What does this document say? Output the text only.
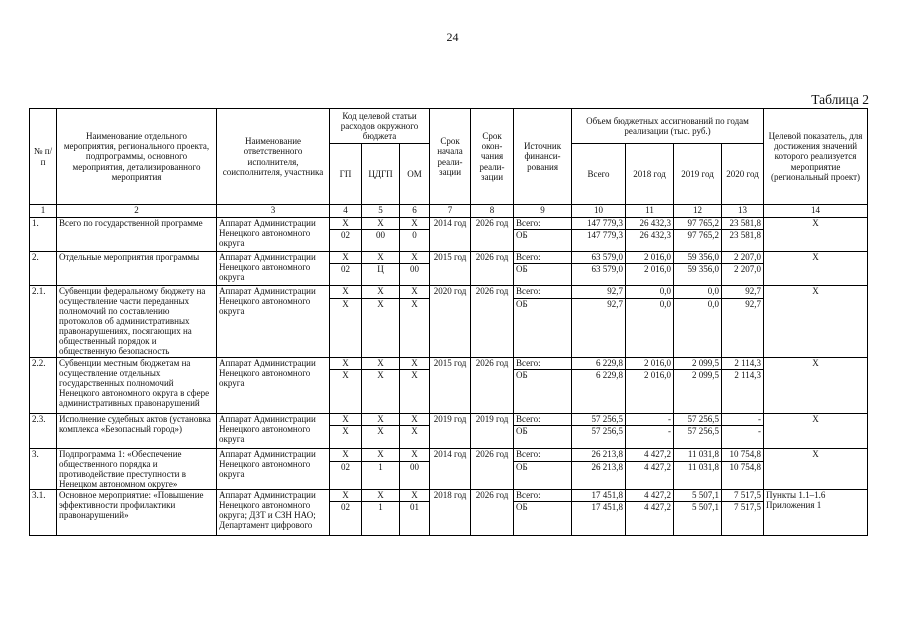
24
Таблица 2
№ п/п	Наименование отдельного мероприятия, регионального проекта, подпрограммы, основного мероприятия, детализированного мероприятия	Наименование ответственного исполнителя, соисполнителя, участника	Код целевой статьи расходов окружного бюджета			Срок начала реали-зации	Срок окон-чания реали-зации	Источник финанси-рования	Объем бюджетных ассигнований по годам реализации (тыс. руб.)				Целевой показатель, для достижения значений которого реализуется мероприятие (региональный проект)
			ГП	ЦДГП	ОМ				Всего	2018 год	2019 год	2020 год	
1	2	3	4	5	6	7	8	9	10	11	12	13	14
1.	Всего по государственной программе	Аппарат Администрации Ненецкого автономного округа	Х	Х	Х	2014 год	2026 год	Всего:	147 779,3	26 432,3	97 765,2	23 581,8	Х
			02	00	0			ОБ	147 779,3	26 432,3	97 765,2	23 581,8	
2.	Отдельные мероприятия программы	Аппарат Администрации Ненецкого автономного округа	Х	Х	Х	2015 год	2026 год	Всего:	63 579,0	2 016,0	59 356,0	2 207,0	Х
			02	Ц	00			ОБ	63 579,0	2 016,0	59 356,0	2 207,0	
2.1.	Субвенции федеральному бюджету на осуществление части переданных полномочий по составлению протоколов об административных правонарушениях, посягающих на общественный порядок и общественную безопасность	Аппарат Администрации Ненецкого автономного округа	Х	Х	Х	2020 год	2026 год	Всего:	92,7	0,0	0,0	92,7	Х
			Х	Х	Х			ОБ	92,7	0,0	0,0	92,7	
2.2.	Субвенции местным бюджетам на осуществление отдельных государственных полномочий Ненецкого автономного округа в сфере административных правонарушений	Аппарат Администрации Ненецкого автономного округа	Х	Х	Х	2015 год	2026 год	Всего:	6 229,8	2 016,0	2 099,5	2 114,3	Х
			Х	Х	Х			ОБ	6 229,8	2 016,0	2 099,5	2 114,3	
2.3.	Исполнение судебных актов (установка комплекса «Безопасный город»)	Аппарат Администрации Ненецкого автономного округа	Х	Х	Х	2019 год	2019 год	Всего:	57 256,5	-	57 256,5	-	Х
			Х	Х	Х			ОБ	57 256,5	-	57 256,5	-	
3.	Подпрограмма 1: «Обеспечение общественного порядка и противодействие преступности в Ненецком автономном округе»	Аппарат Администрации Ненецкого автономного округа	Х	Х	Х	2014 год	2026 год	Всего:	26 213,8	4 427,2	11 031,8	10 754,8	Х
			02	1	00			ОБ	26 213,8	4 427,2	11 031,8	10 754,8	
3.1.	Основное мероприятие: «Повышение эффективности профилактики правонарушений»	Аппарат Администрации Ненецкого автономного округа; ДЗТ и СЗН НАО; Департамент цифрового	Х	Х	Х	2018 год	2026 год	Всего:	17 451,8	4 427,2	5 507,1	7 517,5	Пункты 1.1–1.6 Приложения 1
			02	1	01			ОБ	17 451,8	4 427,2	5 507,1	7 517,5	
